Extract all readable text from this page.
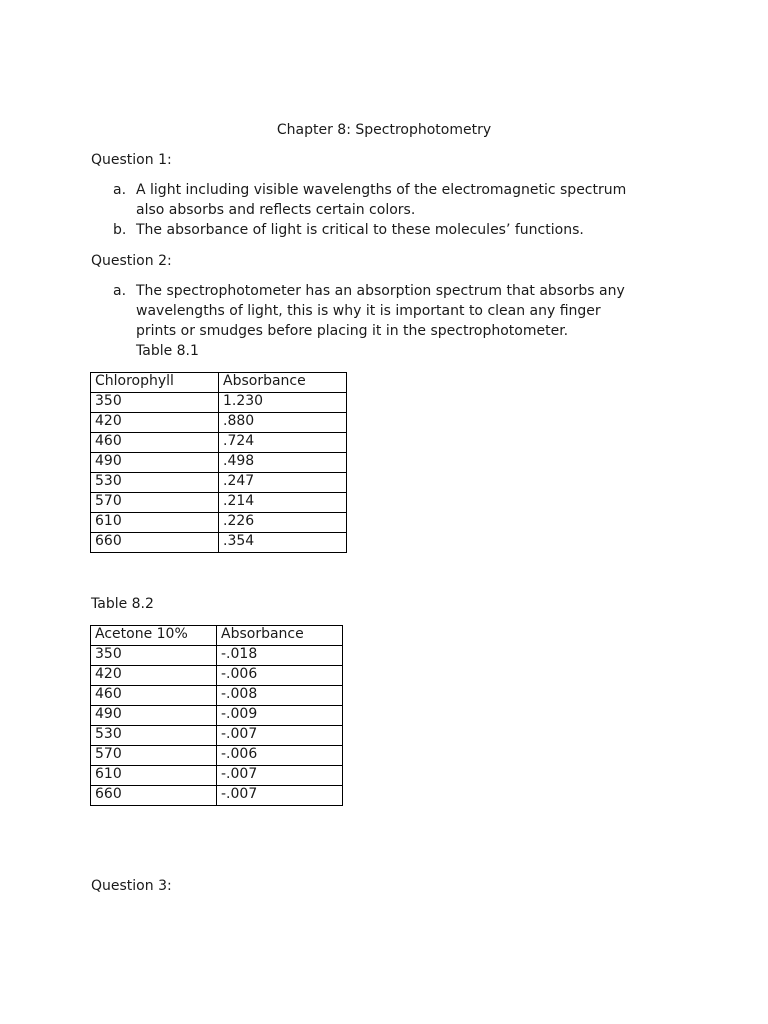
Chapter 8: Spectrophotometry
Question 1:
a. A light including visible wavelengths of the electromagnetic spectrum
also absorbs and reflects certain colors.
b. The absorbance of light is critical to these molecules’ functions.
Question 2:
a. The spectrophotometer has an absorption spectrum that absorbs any
wavelengths of light, this is why it is important to clean any finger
prints or smudges before placing it in the spectrophotometer.
Table 8.1
Chlorophyll	Absorbance
350	1.230
420	.880
460	.724
490	.498
530	.247
570	.214
610	.226
660	.354
Table 8.2
Acetone 10%	Absorbance
350	-.018
420	-.006
460	-.008
490	-.009
530	-.007
570	-.006
610	-.007
660	-.007
Question 3:
